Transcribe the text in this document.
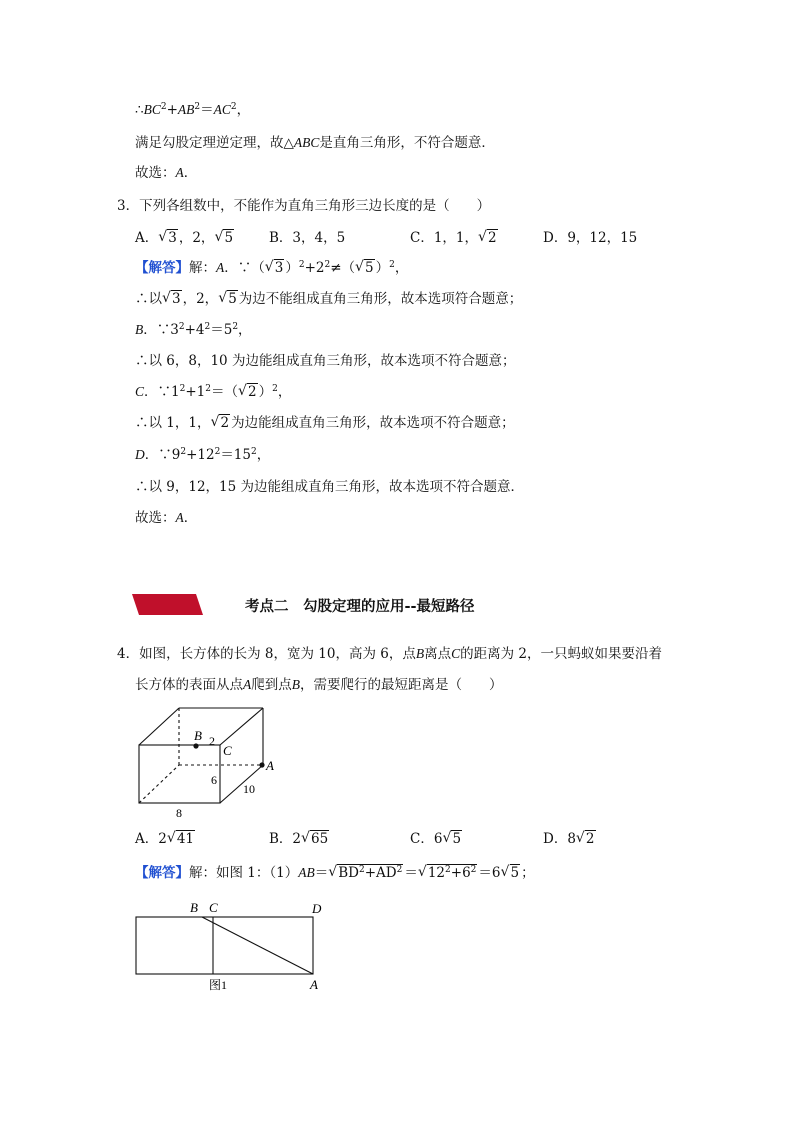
$\therefore BC^2+AB^2=AC^2$，
满足勾股定理逆定理，故△ABC是直角三角形，不符合题意．
故选：A．
3．下列各组数中，不能作为直角三角形三边长度的是（　　）
A．√ 3 ，2，√ 5	B．3，4，5	C．1，1，√ 2	D．9，12，15
【解答】解：A．∵（√ 3 ）$^2+2^2\ne(√$ 5 ）$^2$，
∴以√ 3 ，2，√ 5 为边不能组成直角三角形，故本选项符合题意；
B．$\because 3^2+4^2=5^2$，
∴以 6，8，10 为边能组成直角三角形，故本选项不符合题意；
C．$\because 1^2+1^2=(√$ 2 ）$^2$，
∴以 1，1，√ 2 为边能组成直角三角形，故本选项不符合题意；
D．$\because 9^2+12^2=15^2$，
∴以 9，12，15 为边能组成直角三角形，故本选项不符合题意．
故选：A．
考点二　勾股定理的应用--最短路径
4．如图，长方体的长为 8，宽为 10，高为 6，点B离点C的距离为 2，一只蚂蚁如果要沿着
长方体的表面从点A爬到点B，需要爬行的最短距离是（　　）
B 2
C
A
6
10
8
A．2√ 41	B．2√ 65	C．6√ 5	D．8√ 2
【解答】解：如图 1：（1）AB＝√ $BD^2+AD^2$ ＝√ $12^2+6^2 =6√$ 5 ；
B C	D
A
图1
